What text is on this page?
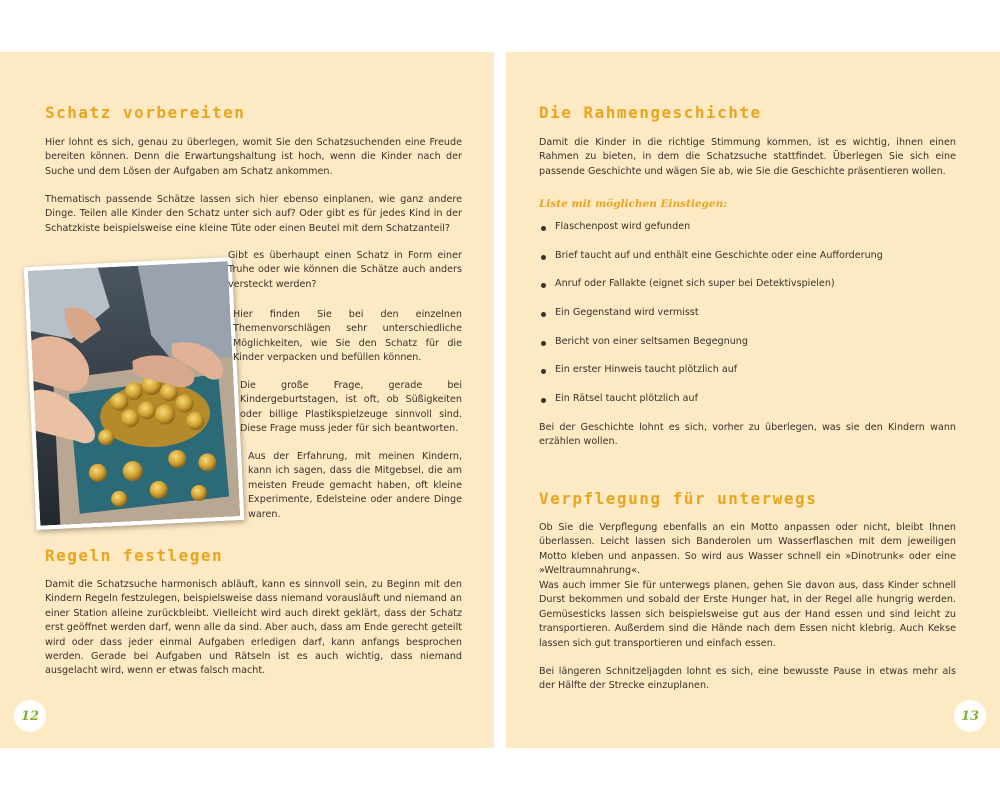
Schatz vorbereiten

Hier lohnt es sich, genau zu überlegen, womit Sie den Schatzsuchenden eine Freude bereiten können. Denn die Erwartungshaltung ist hoch, wenn die Kinder nach der Suche und dem Lösen der Aufgaben am Schatz ankommen.

Thematisch passende Schätze lassen sich hier ebenso einplanen, wie ganz andere Dinge. Teilen alle Kinder den Schatz unter sich auf? Oder gibt es für jedes Kind in der Schatzkiste beispielsweise eine kleine Tüte oder einen Beutel mit dem Schatzanteil?

Gibt es überhaupt einen Schatz in Form einer Truhe oder wie können die Schätze auch anders versteckt werden?

Hier finden Sie bei den einzelnen Themenvorschlägen sehr unterschiedliche Möglichkeiten, wie Sie den Schatz für die Kinder verpacken und befüllen können.

Die große Frage, gerade bei Kindergeburtstagen, ist oft, ob Süßigkeiten oder billige Plastikspielzeuge sinnvoll sind. Diese Frage muss jeder für sich beantworten.

Aus der Erfahrung, mit meinen Kindern, kann ich sagen, dass die Mitgebsel, die am meisten Freude gemacht haben, oft kleine Experimente, Edelsteine oder andere Dinge waren.

Regeln festlegen

Damit die Schatzsuche harmonisch abläuft, kann es sinnvoll sein, zu Beginn mit den Kindern Regeln festzulegen, beispielsweise dass niemand vorausläuft und niemand an einer Station alleine zurückbleibt. Vielleicht wird auch direkt geklärt, dass der Schatz erst geöffnet werden darf, wenn alle da sind. Aber auch, dass am Ende gerecht geteilt wird oder dass jeder einmal Aufgaben erledigen darf, kann anfangs besprochen werden. Gerade bei Aufgaben und Rätseln ist es auch wichtig, dass niemand ausgelacht wird, wenn er etwas falsch macht.

12
Die Rahmengeschichte

Damit die Kinder in die richtige Stimmung kommen, ist es wichtig, ihnen einen Rahmen zu bieten, in dem die Schatzsuche stattfindet. Überlegen Sie sich eine passende Geschichte und wägen Sie ab, wie Sie die Geschichte präsentieren wollen.

Liste mit möglichen Einstiegen:

Flaschenpost wird gefunden
Brief taucht auf und enthält eine Geschichte oder eine Aufforderung
Anruf oder Fallakte (eignet sich super bei Detektivspielen)
Ein Gegenstand wird vermisst
Bericht von einer seltsamen Begegnung
Ein erster Hinweis taucht plötzlich auf
Ein Rätsel taucht plötzlich auf

Bei der Geschichte lohnt es sich, vorher zu überlegen, was sie den Kindern wann erzählen wollen.

Verpflegung für unterwegs

Ob Sie die Verpflegung ebenfalls an ein Motto anpassen oder nicht, bleibt Ihnen überlassen. Leicht lassen sich Banderolen um Wasserflaschen mit dem jeweiligen Motto kleben und anpassen. So wird aus Wasser schnell ein »Dinotrunk« oder eine »Weltraumnahrung«.

Was auch immer Sie für unterwegs planen, gehen Sie davon aus, dass Kinder schnell Durst bekommen und sobald der Erste Hunger hat, in der Regel alle hungrig werden. Gemüsesticks lassen sich beispielsweise gut aus der Hand essen und sind leicht zu transportieren. Außerdem sind die Hände nach dem Essen nicht klebrig. Auch Kekse lassen sich gut transportieren und einfach essen.

Bei längeren Schnitzeljagden lohnt es sich, eine bewusste Pause in etwas mehr als der Hälfte der Strecke einzuplanen.

13
